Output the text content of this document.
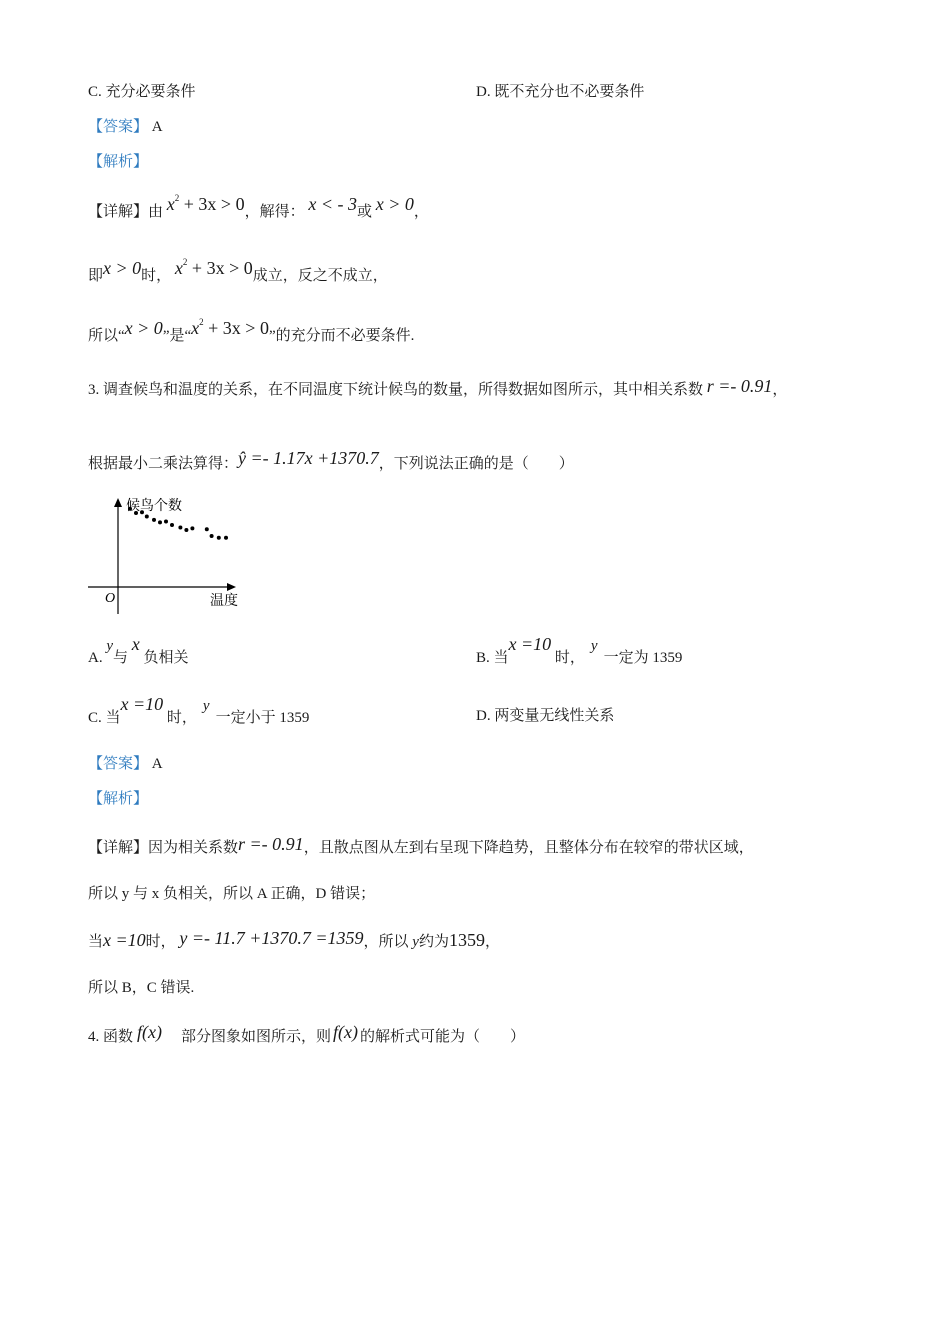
C. 充分必要条件	D. 既不充分也不必要条件
【答案】 A
【解析】
【详解】由 $x^2 + 3x > 0$，解得： x < - 3或 x > 0，
即x > 0时， $x^2 + 3x > 0$成立，反之不成立，
所以“x > 0”是“$x^2 + 3x > 0$”的充分而不必要条件.
3. 调查候鸟和温度的关系，在不同温度下统计候鸟的数量，所得数据如图所示，其中相关系数 r =- 0.91，
根据最小二乘法算得：ŷ =- 1.17x +1370.7，下列说法正确的是（　　）
候鸟个数
温度
O
A. y与 x 负相关	B. 当x =10 时，y一定为 1359
C. 当x =10 时，y一定小于 1359	D. 两变量无线性关系
【答案】 A
【解析】
【详解】因为相关系数r =- 0.91，且散点图从左到右呈现下降趋势，且整体分布在较窄的带状区域，
所以 y 与 x 负相关，所以 A 正确，D 错误；
当x =10时， y =- 11.7 +1370.7 =1359，所以 y约为1359，
所以 B，C 错误.
4. 函数 f(x)　部分图象如图所示，则 f(x) 的解析式可能为（　　）
